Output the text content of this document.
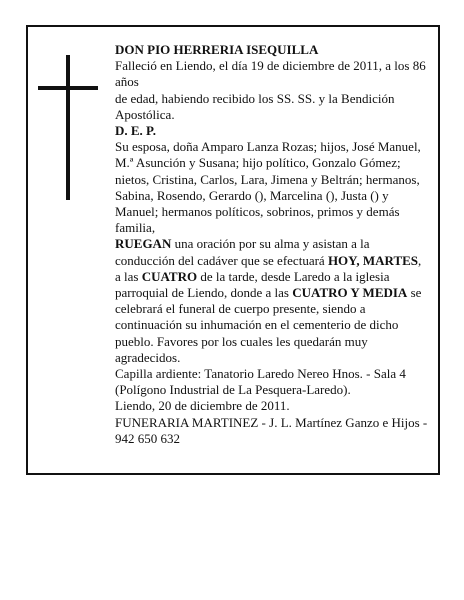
DON PIO HERRERIA ISEQUILLA

Falleció en Liendo, el día 19 de diciembre de 2011, a los 86 años

de edad, habiendo recibido los SS. SS. y la Bendición Apostólica.

D. E. P.

Su esposa, doña Amparo Lanza Rozas; hijos, José Manuel, M.ª Asunción y Susana; hijo político, Gonzalo Gómez; nietos, Cristina, Carlos, Lara, Jimena y Beltrán; hermanos, Sabina, Rosendo, Gerardo (), Marcelina (), Justa () y Manuel; hermanos políticos, sobrinos, primos y demás familia,

RUEGAN una oración por su alma y asistan a la conducción del cadáver que se efectuará HOY, MARTES, a las CUATRO de la tarde, desde Laredo a la iglesia parroquial de Liendo, donde a las CUATRO Y MEDIA se celebrará el funeral de cuerpo presente, siendo a continuación su inhumación en el cementerio de dicho pueblo. Favores por los cuales les quedarán muy agradecidos.

Capilla ardiente: Tanatorio Laredo Nereo Hnos. - Sala 4 (Polígono Industrial de La Pesquera-Laredo).

Liendo, 20 de diciembre de 2011.

FUNERARIA MARTINEZ - J. L. Martínez Ganzo e Hijos - 942 650 632
